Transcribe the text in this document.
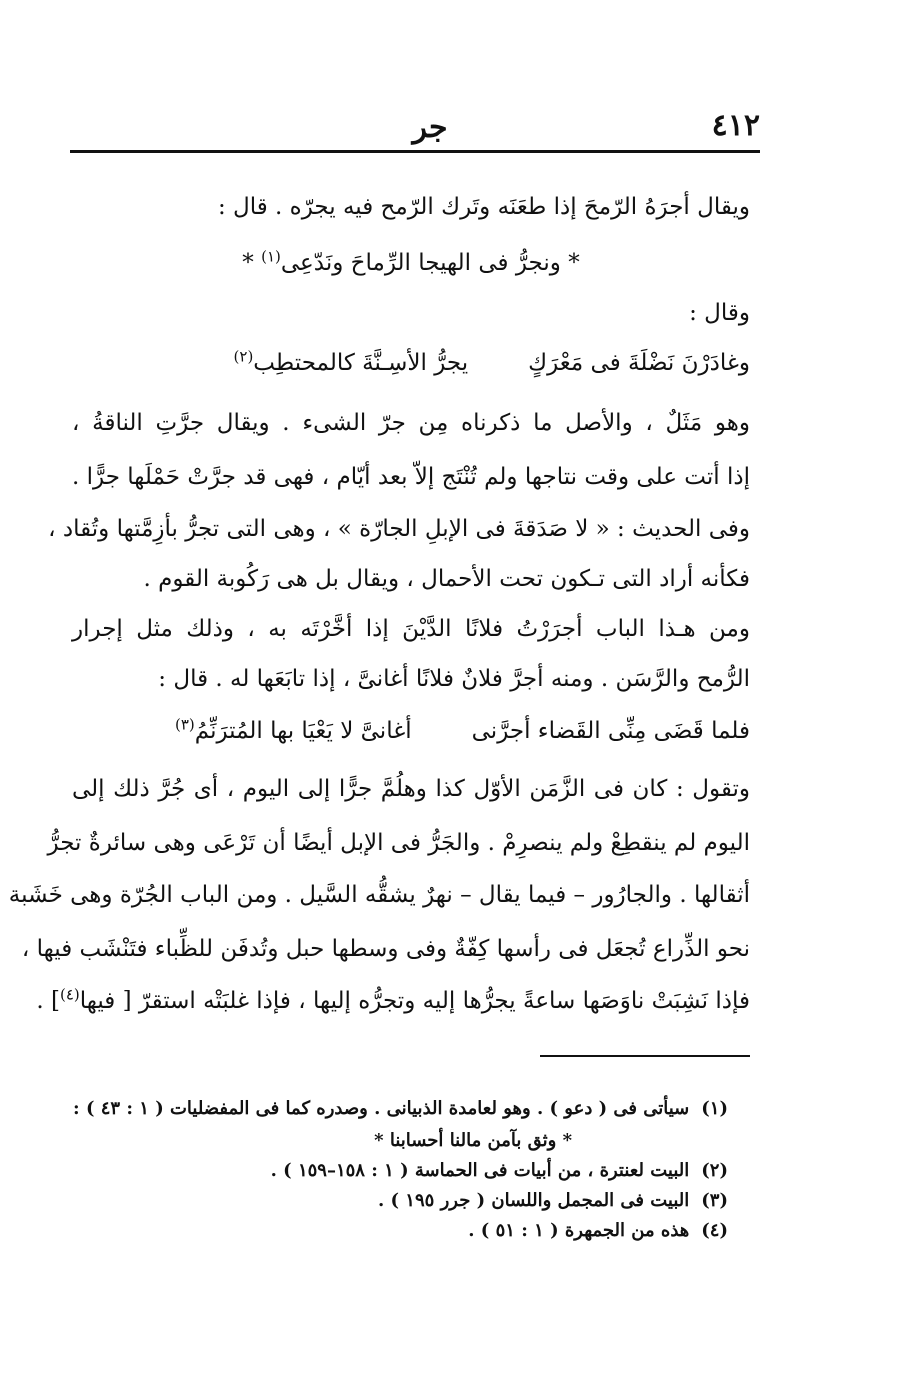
٤١٢
جر
ويقال أجرَهُ الرّمحَ إذا طعَنَه وتَرك الرّمح فيه يجرّه . قال :
* ونجرُّ فى الهيجا الرِّماحَ ونَدّعِى$^{(١)}$ *
وقال :
وغادَرْنَ نَضْلَةَ فى مَعْرَكٍ
يجرُّ الأسِـنَّةَ كالمحتطِب$^{(٢)}$
وهو مَثَلٌ ، والأصل ما ذكرناه مِن جرّ الشىء . ويقال جرَّتِ الناقةُ ،
إذا أتت على وقت نتاجها ولم تُنْتَج إلاّ بعد أيّام ، فهى قد جرَّتْ حَمْلَها جرًّا .
وفى الحديث : « لا صَدَقةَ فى الإبلِ الجارّة » ، وهى التى تجرُّ بأزِمَّتها وتُقاد ،
فكأنه أراد التى تـكون تحت الأحمال ، ويقال بل هى رَكُوبة القوم .
ومن هـذا الباب أجرَرْتُ فلانًا الدَّيْنَ إذا أخَّرْتَه به ، وذلك مثل إجرار
الرُّمح والرَّسَن . ومنه أجرَّ فلانٌ فلانًا أغانىَّ ، إذا تابَعَها له . قال :
فلما قَضَى مِنِّى القَضاء أجرَّنى
أغانىَّ لا يَعْيَا بها المُترَنِّمُ$^{(٣)}$
وتقول : كان فى الزَّمَن الأوّل كذا وهلُمَّ جرًّا إلى اليوم ، أى جُرَّ ذلك إلى
اليوم لم ينقطِعْ ولم ينصرِمْ . والجَرُّ فى الإبل أيضًا أن تَرْعَى وهى سائرةٌ تجرُّ
أثقالها . والجارُور – فيما يقال – نهرٌ يشقُّه السَّيل . ومن الباب الجُرّة وهى خَشَبة
نحو الذِّراع تُجعَل فى رأسها كِفّةٌ وفى وسطها حبل وتُدفَن للظِّباء فتَنْشَب فيها ،
فإذا نَشِبَتْ ناوَصَها ساعةً يجرُّها إليه وتجرُّه إليها ، فإذا غلبَتْه استقرّ [ فيها$^{(٤)}$] .
(١)سيأتى فى ( دعو ) . وهو لعامدة الذبيانى . وصدره كما فى المفضليات ( ١ : ٤٣ ) :
* وثق بآمن مالنا أحسابنا *
(٢)البيت لعنترة ، من أبيات فى الحماسة ( ١ : ١٥٨–١٥٩ ) .
(٣)البيت فى المجمل واللسان ( جرر ١٩٥ ) .
(٤)هذه من الجمهرة ( ١ : ٥١ ) .
